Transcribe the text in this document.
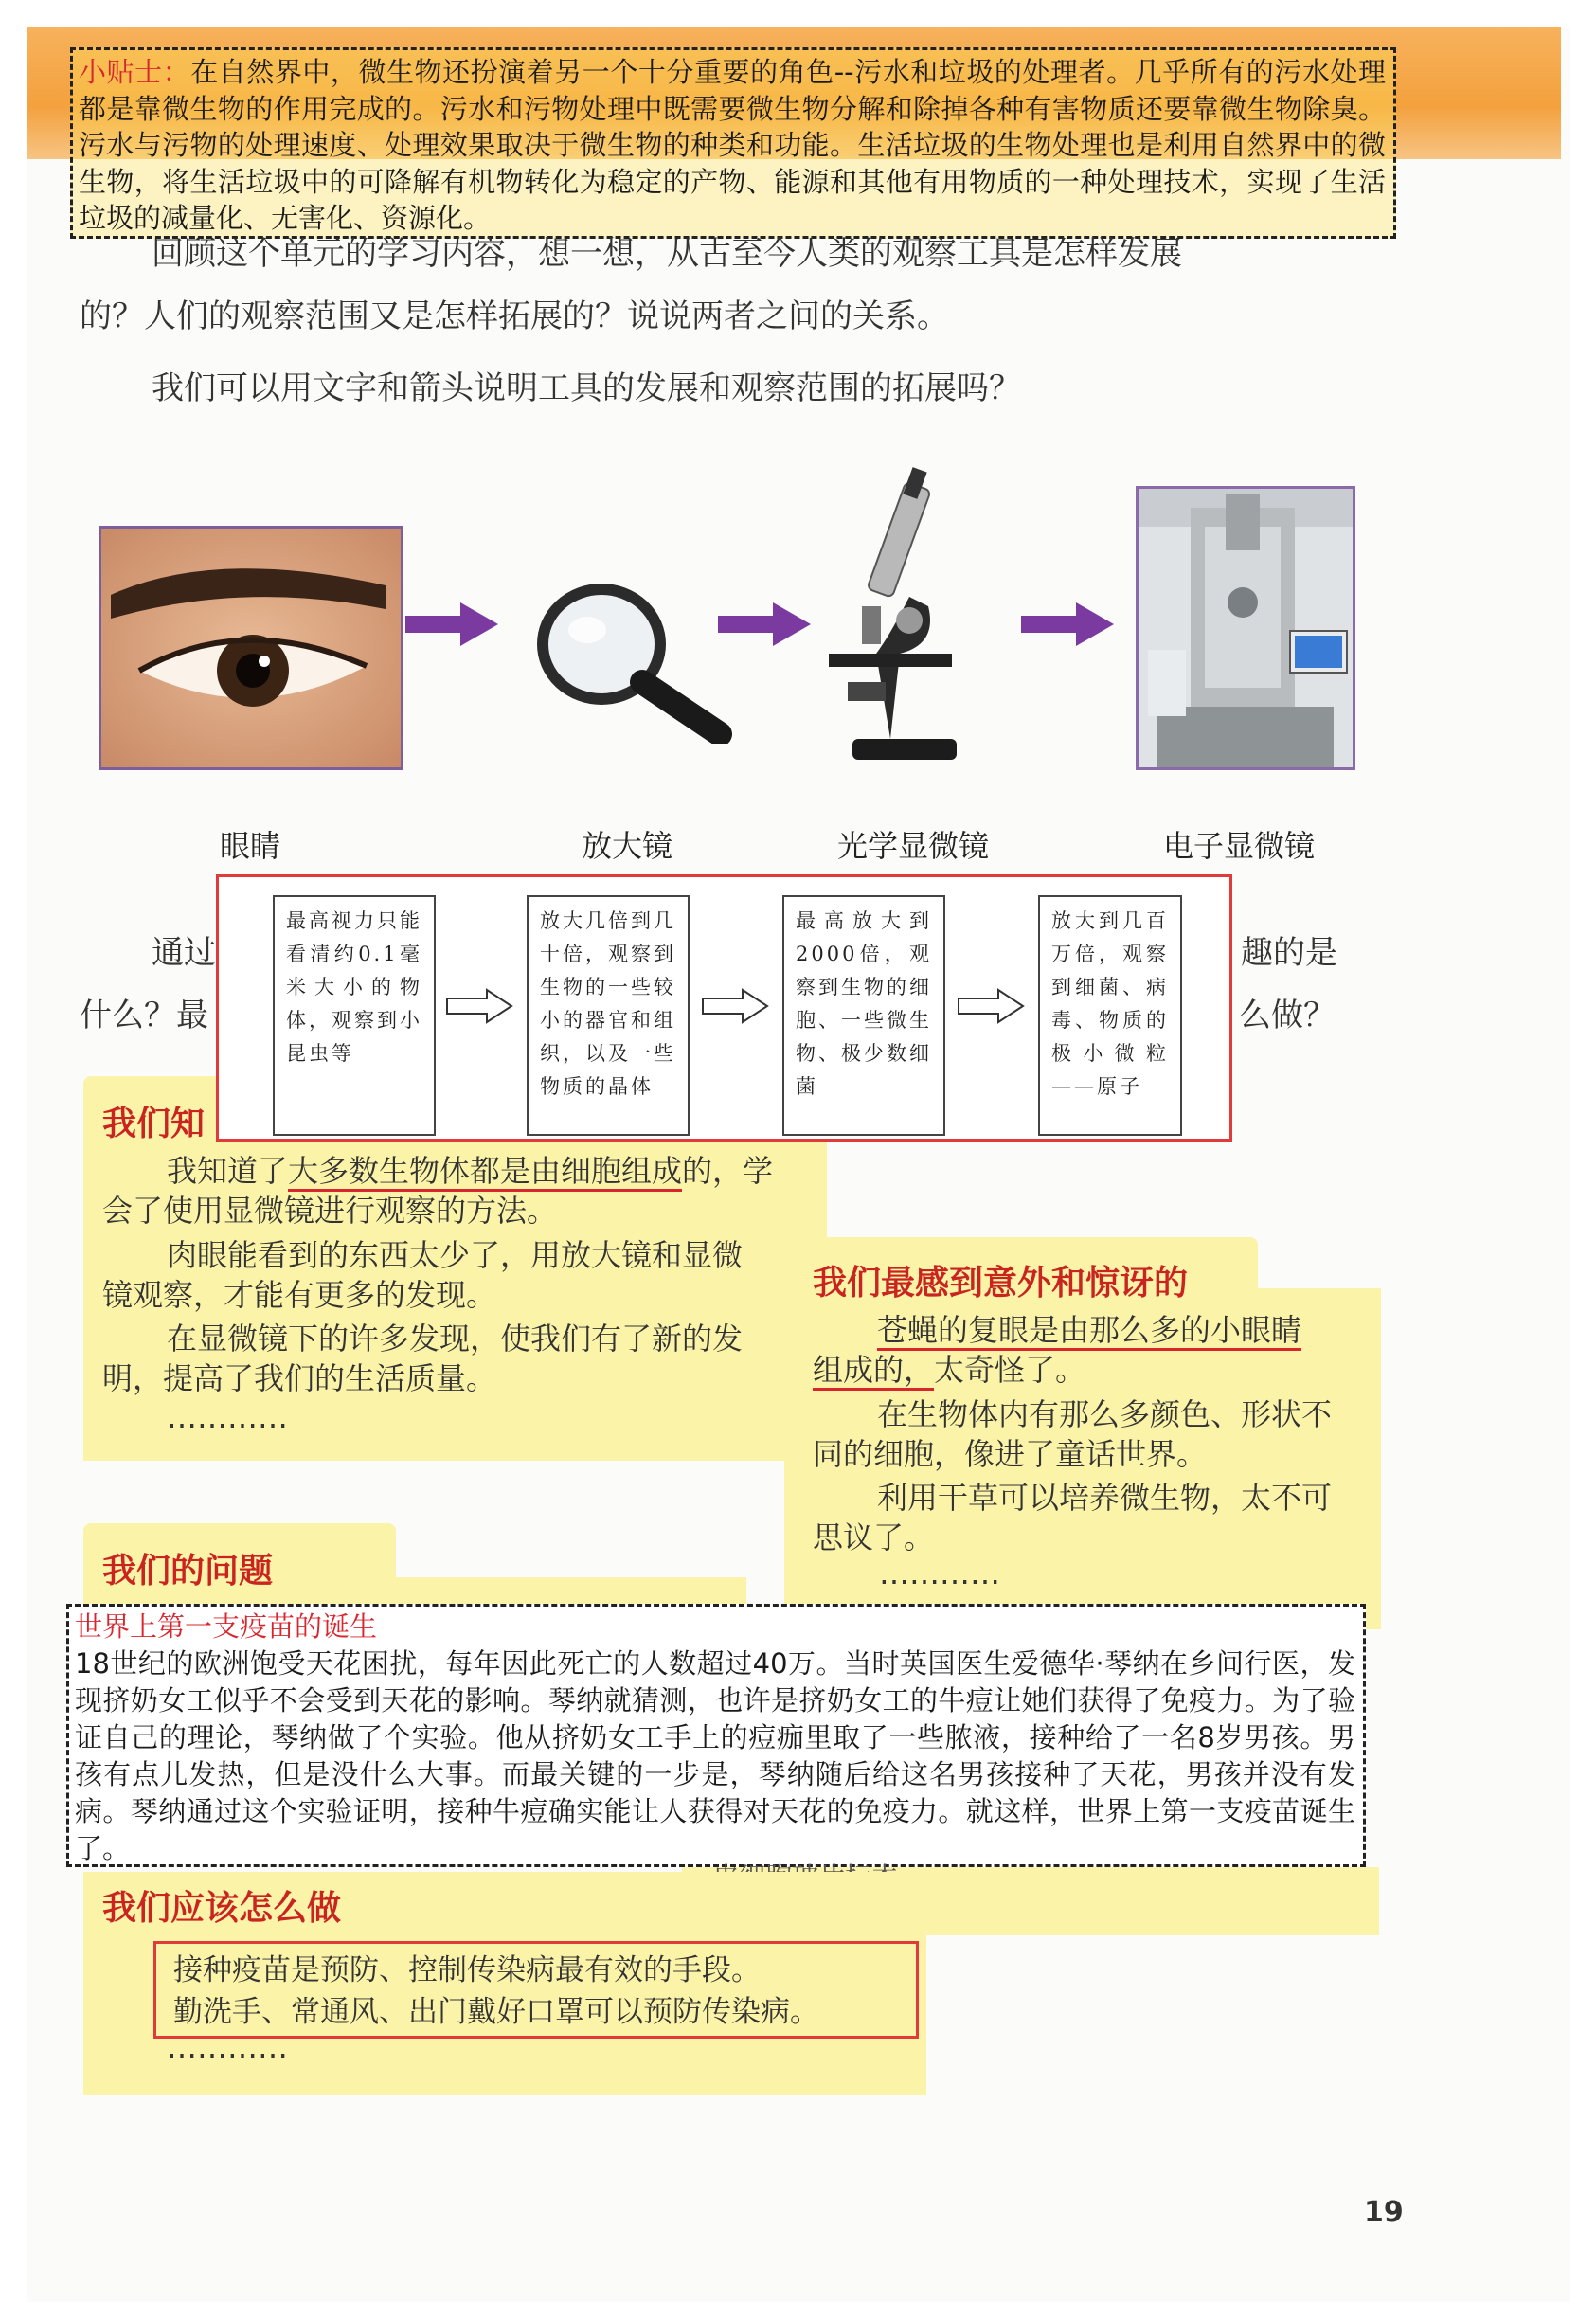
小贴士：在自然界中，微生物还扮演着另一个十分重要的角色--污水和垃圾的处理者。几乎所有的污水处理都是靠微生物的作用完成的。污水和污物处理中既需要微生物分解和除掉各种有害物质还要靠微生物除臭。污水与污物的处理速度、处理效果取决于微生物的种类和功能。生活垃圾的生物处理也是利用自然界中的微生物，将生活垃圾中的可降解有机物转化为稳定的产物、能源和其他有用物质的一种处理技术，实现了生活垃圾的减量化、无害化、资源化。
回顾这个单元的学习内容，想一想，从古至今人类的观察工具是怎样发展
的？人们的观察范围又是怎样拓展的？说说两者之间的关系。
我们可以用文字和箭头说明工具的发展和观察范围的拓展吗？
眼睛	放大镜	光学显微镜	电子显微镜
通过
什么？最
趣的是
么做？
我们知
最高视力只能看清约0.1毫米大小的物体，观察到小昆虫等
放大几倍到几十倍，观察到生物的一些较小的器官和组织，以及一些物质的晶体
最高放大到2000倍，观察到生物的细胞、一些微生物、极少数细菌
放大到几百万倍，观察到细菌、病毒、物质的极小微粒——原子
我知道了大多数生物体都是由细胞组成的，学会了使用显微镜进行观察的方法。
肉眼能看到的东西太少了，用放大镜和显微镜观察，才能有更多的发现。
在显微镜下的许多发现，使我们有了新的发明，提高了我们的生活质量。
…………
我们最感到意外和惊讶的
苍蝇的复眼是由那么多的小眼睛
组成的，太奇怪了。
在生物体内有那么多颜色、形状不同的细胞，像进了童话世界。
利用干草可以培养微生物，太不可思议了。
…………
我们的问题
世界上第一支疫苗的诞生
18世纪的欧洲饱受天花困扰，每年因此死亡的人数超过40万。当时英国医生爱德华·琴纳在乡间行医，发现挤奶女工似乎不会受到天花的影响。琴纳就猜测，也许是挤奶女工的牛痘让她们获得了免疫力。为了验证自己的理论，琴纳做了个实验。他从挤奶女工手上的痘痂里取了一些脓液，接种给了一名8岁男孩。男孩有点儿发热，但是没什么大事。而最关键的一步是，琴纳随后给这名男孩接种了天花，男孩并没有发病。琴纳通过这个实验证明，接种牛痘确实能让人获得对天花的免疫力。就这样，世界上第一支疫苗诞生了。
我们应该怎么做
接种疫苗是预防、控制传染病最有效的手段。
勤洗手、常通风、出门戴好口罩可以预防传染病。
…………
19
